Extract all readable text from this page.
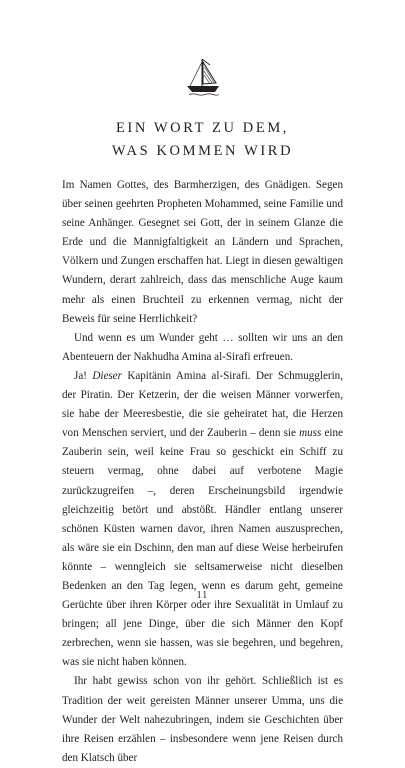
EIN WORT ZU DEM,
WAS KOMMEN WIRD

Im Namen Gottes, des Barmherzigen, des Gnädigen. Segen über seinen geehrten Propheten Mohammed, seine Familie und seine Anhänger. Gesegnet sei Gott, der in seinem Glanze die Erde und die Mannigfaltigkeit an Ländern und Sprachen, Völkern und Zungen erschaffen hat. Liegt in diesen gewaltigen Wundern, derart zahlreich, dass das menschliche Auge kaum mehr als einen Bruchteil zu erkennen vermag, nicht der Beweis für seine Herrlichkeit?

Und wenn es um Wunder geht … sollten wir uns an den Abenteuern der Nakhudha Amina al-Sirafi erfreuen.

Ja! Dieser Kapitänin Amina al-Sirafi. Der Schmugglerin, der Piratin. Der Ketzerin, der die weisen Männer vorwerfen, sie habe der Meeresbestie, die sie geheiratet hat, die Herzen von Menschen serviert, und der Zauberin – denn sie muss eine Zauberin sein, weil keine Frau so geschickt ein Schiff zu steuern vermag, ohne dabei auf verbotene Magie zurückzugreifen –, deren Erscheinungsbild irgendwie gleichzeitig betört und abstößt. Händler entlang unserer schönen Küsten warnen davor, ihren Namen auszusprechen, als wäre sie ein Dschinn, den man auf diese Weise herbeirufen könnte – wenngleich sie seltsamerweise nicht dieselben Bedenken an den Tag legen, wenn es darum geht, gemeine Gerüchte über ihren Körper oder ihre Sexualität in Umlauf zu bringen; all jene Dinge, über die sich Männer den Kopf zerbrechen, wenn sie hassen, was sie begehren, und begehren, was sie nicht haben können.

Ihr habt gewiss schon von ihr gehört. Schließlich ist es Tradition der weit gereisten Männer unserer Umma, uns die Wunder der Welt nahezubringen, indem sie Geschichten über ihre Reisen erzählen – insbesondere wenn jene Reisen durch den Klatsch über

11
